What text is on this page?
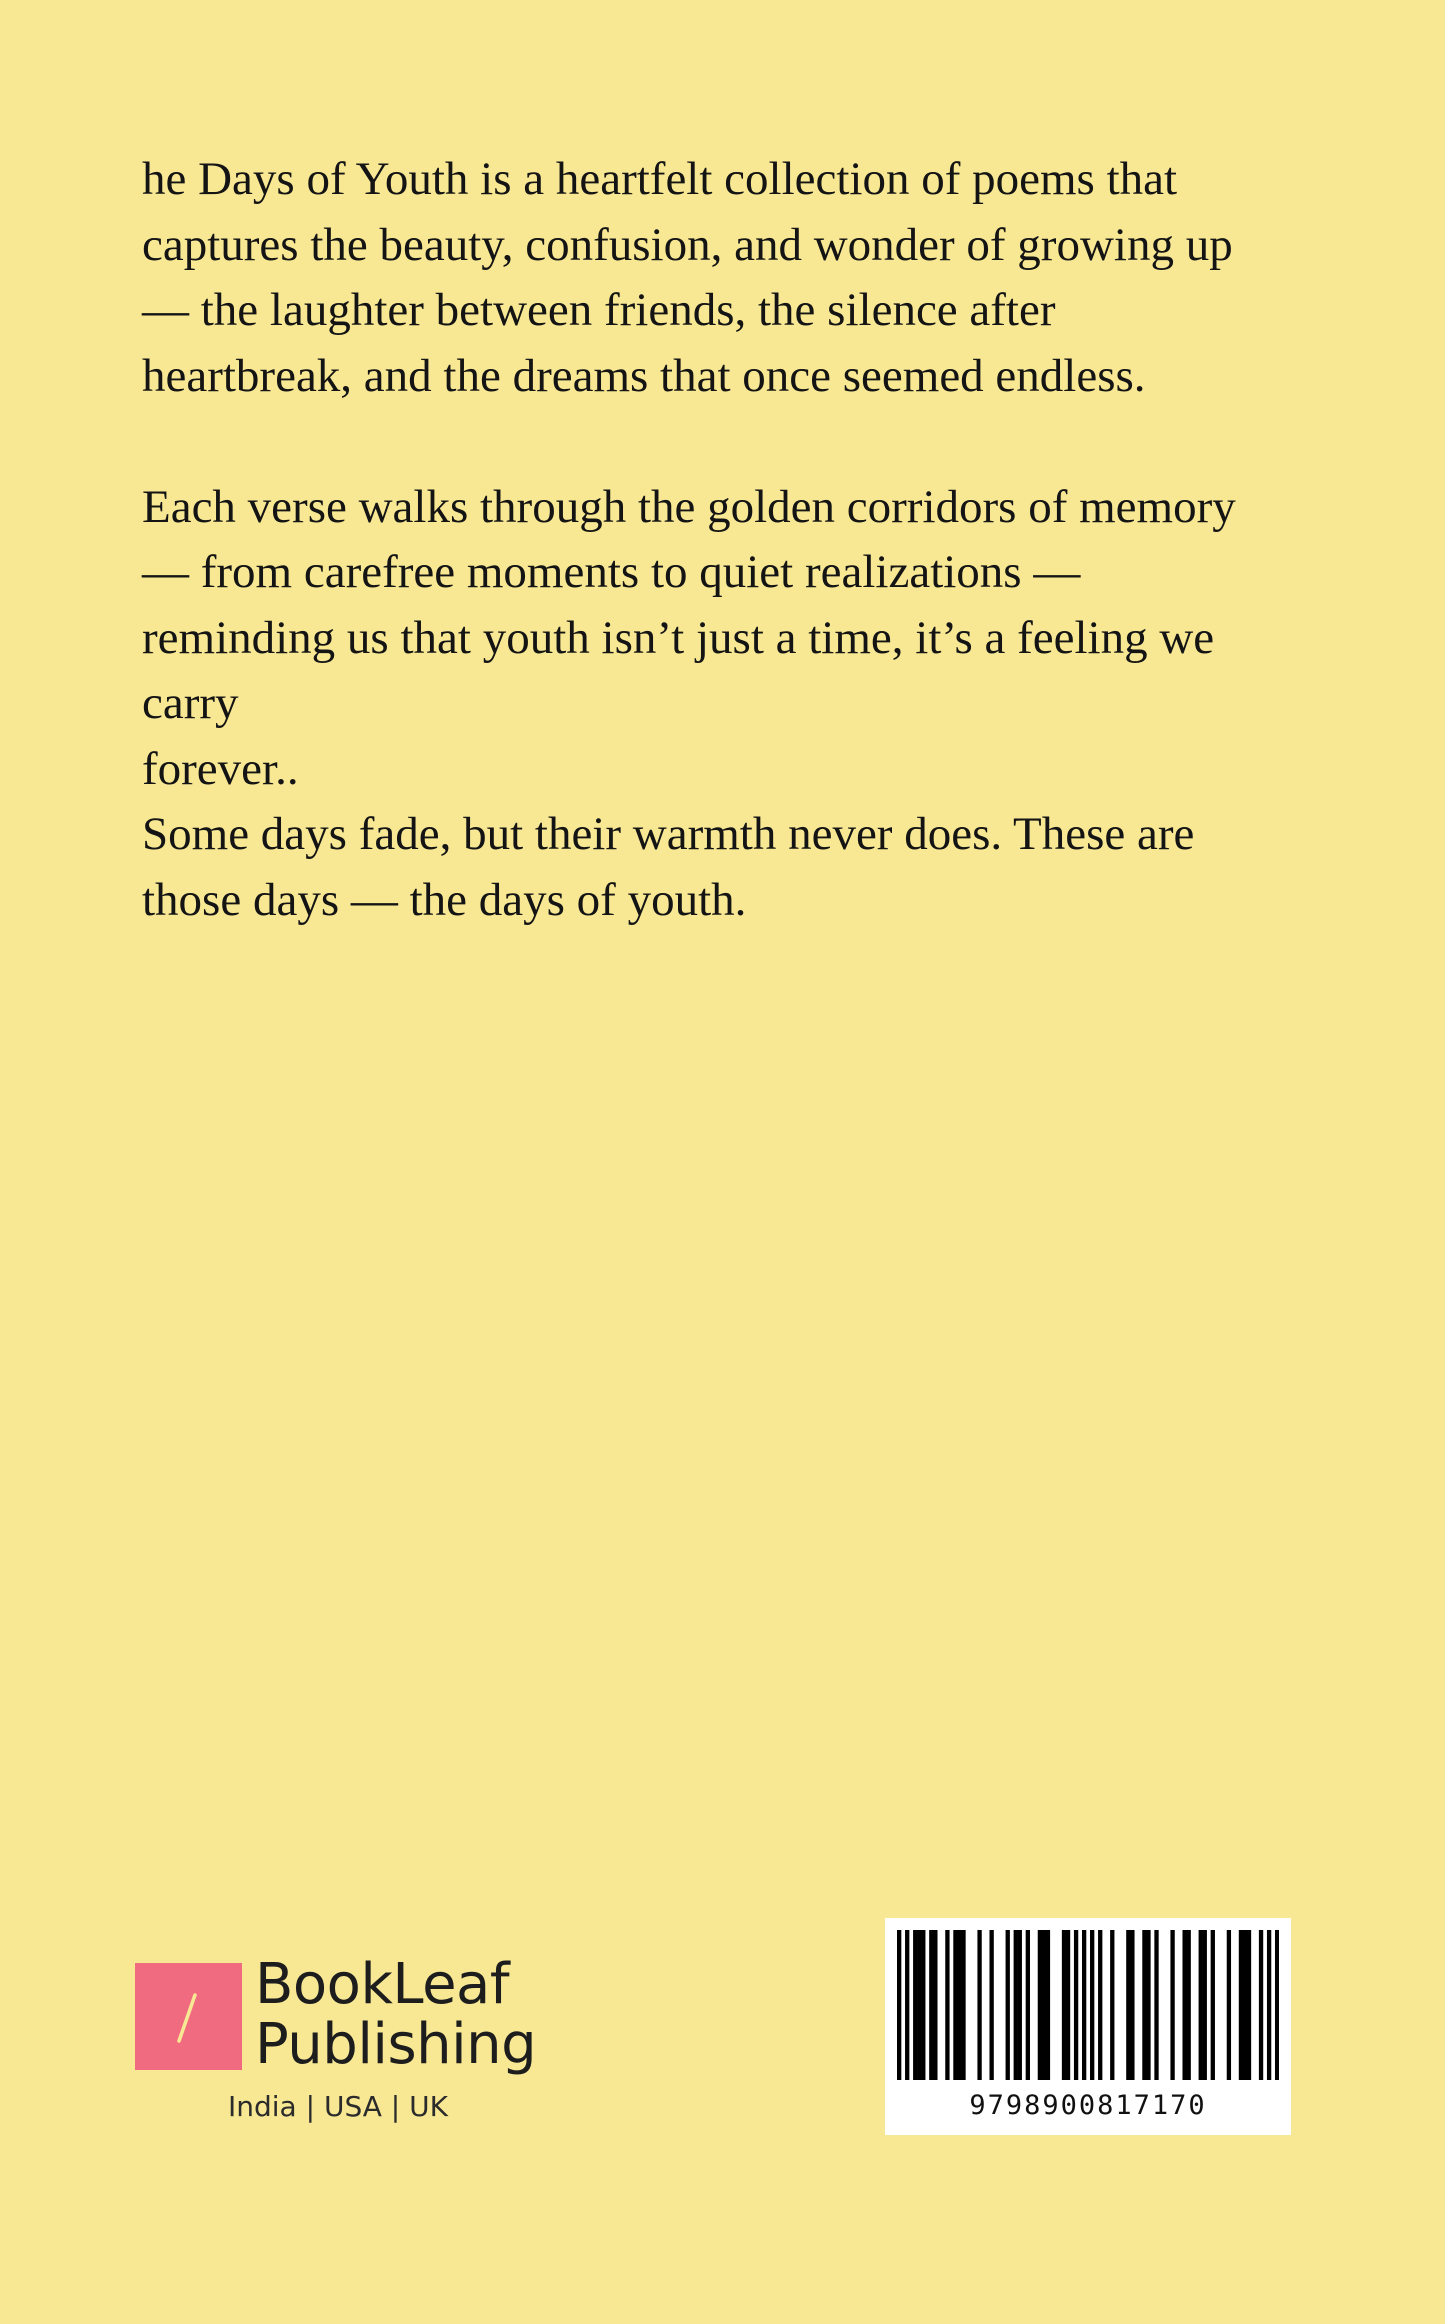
he Days of Youth is a heartfelt collection of poems that

captures the beauty, confusion, and wonder of growing up

— the laughter between friends, the silence after

heartbreak, and the dreams that once seemed endless.

Each verse walks through the golden corridors of memory

— from carefree moments to quiet realizations —

reminding us that youth isn’t just a time, it’s a feeling we

carry

forever..

Some days fade, but their warmth never does. These are

those days — the days of youth.

BookLeaf
Publishing
India | USA | UK	9798900817170
